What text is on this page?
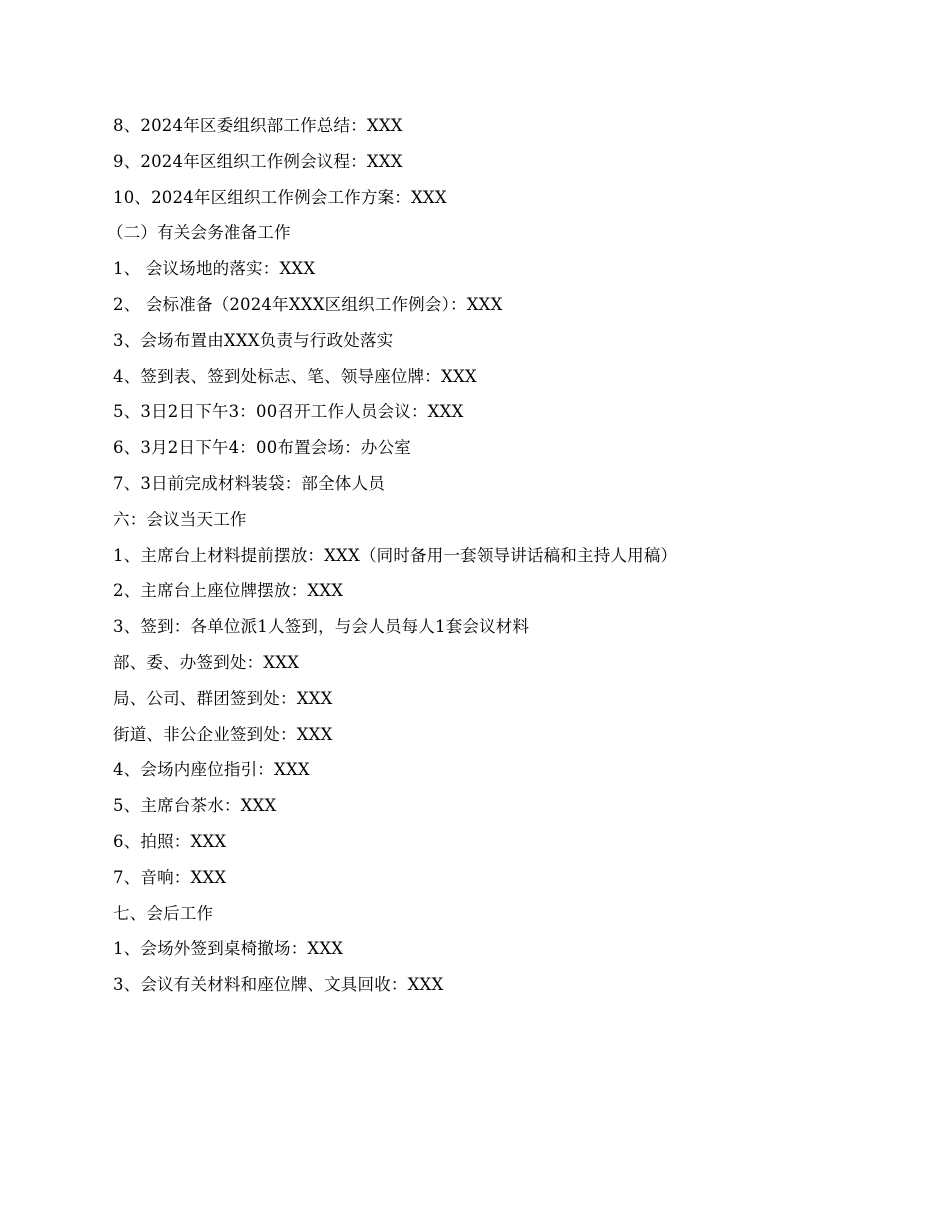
8、2024年区委组织部工作总结：XXX
9、2024年区组织工作例会议程：XXX
10、2024年区组织工作例会工作方案：XXX
（二）有关会务准备工作
1、 会议场地的落实：XXX
2、 会标准备（2024年XXX区组织工作例会）：XXX
3、会场布置由XXX负责与行政处落实
4、签到表、签到处标志、笔、领导座位牌：XXX
5、3日2日下午3：00召开工作人员会议：XXX
6、3月2日下午4：00布置会场：办公室
7、3日前完成材料装袋：部全体人员
六：会议当天工作
1、主席台上材料提前摆放：XXX（同时备用一套领导讲话稿和主持人用稿）
2、主席台上座位牌摆放：XXX
3、签到：各单位派1人签到，与会人员每人1套会议材料
部、委、办签到处：XXX
局、公司、群团签到处：XXX
街道、非公企业签到处：XXX
4、会场内座位指引：XXX
5、主席台茶水：XXX
6、拍照：XXX
7、音响：XXX
七、会后工作
1、会场外签到桌椅撤场：XXX
3、会议有关材料和座位牌、文具回收：XXX
